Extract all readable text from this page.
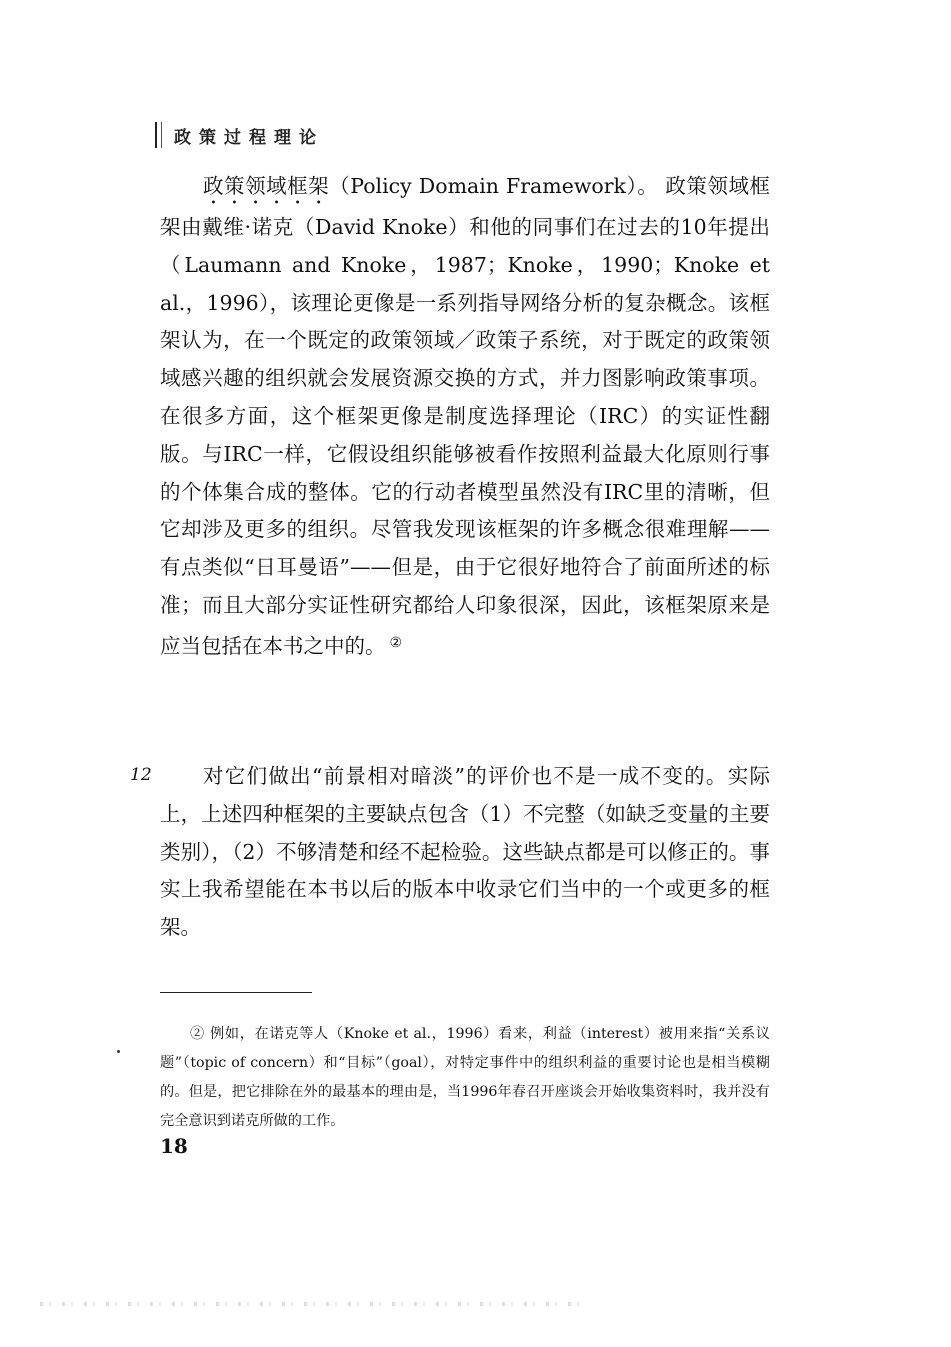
政策过程理论

政策领域框架（Policy Domain Framework）。 政策领域框架由戴维·诺克（David Knoke）和他的同事们在过去的10年提出（Laumann and Knoke，1987；Knoke，1990；Knoke et al.，1996），该理论更像是一系列指导网络分析的复杂概念。该框架认为，在一个既定的政策领域／政策子系统，对于既定的政策领域感兴趣的组织就会发展资源交换的方式，并力图影响政策事项。在很多方面，这个框架更像是制度选择理论（IRC）的实证性翻版。与IRC一样，它假设组织能够被看作按照利益最大化原则行事的个体集合成的整体。它的行动者模型虽然没有IRC里的清晰，但它却涉及更多的组织。尽管我发现该框架的许多概念很难理解——有点类似“日耳曼语”——但是，由于它很好地符合了前面所述的标准；而且大部分实证性研究都给人印象很深，因此，该框架原来是应当包括在本书之中的。 ②

12	对它们做出“前景相对暗淡”的评价也不是一成不变的。实际上，上述四种框架的主要缺点包含（1）不完整（如缺乏变量的主要类别），（2）不够清楚和经不起检验。这些缺点都是可以修正的。事实上我希望能在本书以后的版本中收录它们当中的一个或更多的框架。

② 例如，在诺克等人（Knoke et al.，1996）看来，利益（interest）被用来指“关系议题”（topic of concern）和“目标”（goal），对特定事件中的组织利益的重要讨论也是相当模糊的。但是，把它排除在外的最基本的理由是，当1996年春召开座谈会开始收集资料时，我并没有完全意识到诺克所做的工作。

18
